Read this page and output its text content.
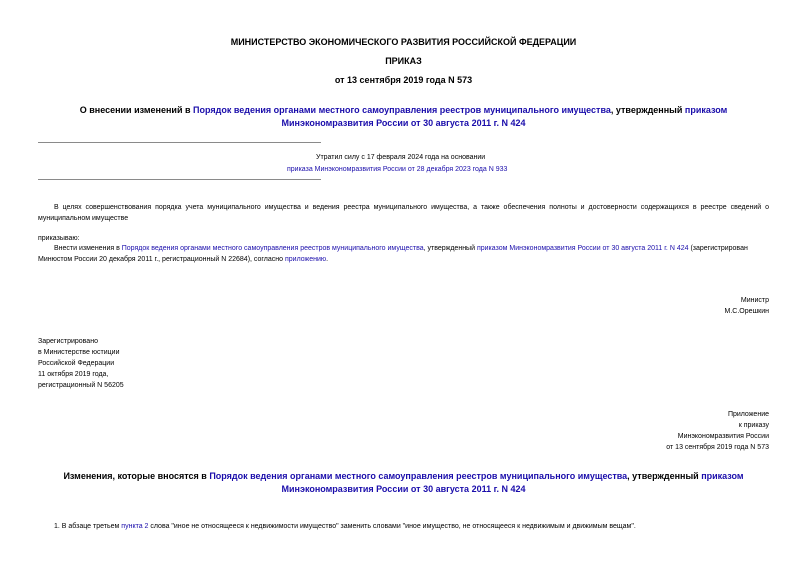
МИНИСТЕРСТВО ЭКОНОМИЧЕСКОГО РАЗВИТИЯ РОССИЙСКОЙ ФЕДЕРАЦИИ
ПРИКАЗ
от 13 сентября 2019 года N 573
О внесении изменений в Порядок ведения органами местного самоуправления реестров муниципального имущества, утвержденный приказом Минэкономразвития России от 30 августа 2011 г. N 424
Утратил силу с 17 февраля 2024 года на основании
приказа Минэкономразвития России от 28 декабря 2023 года N 933
В целях совершенствования порядка учета муниципального имущества и ведения реестра муниципального имущества, а также обеспечения полноты и достоверности содержащихся в реестре сведений о муниципальном имуществе
приказываю:
Внести изменения в Порядок ведения органами местного самоуправления реестров муниципального имущества, утвержденный приказом Минэкономразвития России от 30 августа 2011 г. N 424 (зарегистрирован Минюстом России 20 декабря 2011 г., регистрационный N 22684), согласно приложению.
Министр
М.С.Орешкин
Зарегистрировано
в Министерстве юстиции
Российской Федерации
11 октября 2019 года,
регистрационный N 56205
Приложение
к приказу
Минэкономразвития России
от 13 сентября 2019 года N 573
Изменения, которые вносятся в Порядок ведения органами местного самоуправления реестров муниципального имущества, утвержденный приказом
Минэкономразвития России от 30 августа 2011 г. N 424
1. В абзаце третьем пункта 2 слова "иное не относящееся к недвижимости имущество" заменить словами "иное имущество, не относящееся к недвижимым и движимым вещам".
